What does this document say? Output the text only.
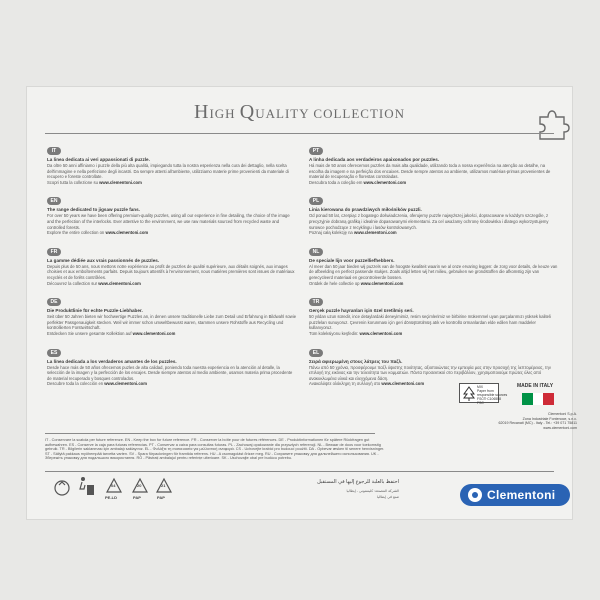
HIGH QUALITY COLLECTION
IT
La linea dedicata ai veri appassionati di puzzle.
Da oltre 50 anni affiniamo i puzzle della più alta qualità, impiegando tutta la nostra esperienza nella cura dei dettaglio, nella scelta dell'immagine e nella perfezione degli incastri. Da sempre attenti all'ambiente, utilizziamo materie prime provenienti da materiale di recupero e foreste controllate.
Scopri tutta la collezione su www.clementoni.com
EN
The range dedicated to jigsaw puzzle fans.
For over 50 years we have been offering premium-quality puzzles, using all our experience in fine detailing, the choice of the image and the perfection of the interlocks. Ever attentive to the environment, we use raw materials sourced from recycled waste and controlled forests.
Explore the entire collection on www.clementoni.com
FR
La gamme dédiée aux vrais passionnés de puzzles.
Depuis plus de 50 ans, nous mettons notre expérience au profit de puzzles de qualité supérieure, aux détails soignés, aux images choisies et aux emboîtements parfaits. Depuis toujours attentifs à l'environnement, nous matières premières sont issues de matériaux recyclés et de forêts contrôlées.
Découvrez la collection sur www.clementoni.com
DE
Die Produktlinie für echte Puzzle-Liebhaber.
Seit über 50 Jahren bieten wir hochwertige Puzzles an, in denen unsere traditionelle Liebe zum Detail und Erfahrung in Bildwahl sowie perfekter Passgenauigkeit stecken. Weil wir immer schon umweltbewusst waren, stammen unsere Rohstoffe aus Recycling und kontrollierten Forstwirtschaft.
Entdecken Sie unsere gesamte Kollektion auf www.clementoni.com
ES
La línea dedicada a los verdaderos amantes de los puzzles.
Desde hace más de 50 años ofrecemos puzles de alta calidad, poniendo toda nuestra experiencia en la atención al detalle, la selección de la imagen y la perfección de los encajes. Desde siempre atentos al medio ambiente, usamos materia prima procedente de material recuperado y bosques controlados.
Descubre toda la colección en www.clementoni.com
PT
A linha dedicada aos verdadeiros apaixonados por puzzles.
Há mais de 50 anos oferecemos puzzles da mais alta qualidade, utilizando toda a nossa experiência na atenção ao detalhe, na escolha da imagem e na perfeição dos encaixes. Desde sempre atentos ao ambiente, utilizamos matérias-primas provenientes de material de recuperação e florestas controladas.
Descubra toda a coleção em www.clementoni.com
PL
Linia kierowana do prawdziwych miłośników puzzli.
Od ponad 50 lat, czerpiąc z bogatego doświadczenia, oferujemy puzzle najwyższej jakości, dopracowane w każdym szczególe, z precyzyjnie dobraną grafiką i idealnie dopasowanymi elementami. Za cel uważamy ochronę środowiska i dlatego wykorzystujemy surowce pochodzące z recyklingu i lasów kontrolowanych.
Poznaj całą kolekcję na www.clementoni.com
NL
De speciale lijn voor puzzelliefhebbers.
Al meer dan 50 jaar bieden wij puzzels van de hoogste kwaliteit waarin we al onze ervaring leggen: de zorg voor details, de keuze van de afbeelding en perfect passende stukjes. Zoals altijd letten wij het milieu, gebruiken we grondstoffen die afkomstig zijn van gerecycleerd materiaal en gecontroleerde bossen.
Ontdek de hele collectie op www.clementoni.com
TR
Gerçek puzzle hayranları için özel üretilmiş seri.
50 yıldan uzun süredir, ince detaylardaki deneyimimiz, resim seçimlerimiz ve birbirine mükemmel uyan parçalarımızı yüksek kaliteli puzzleları sunuyoruz. Çevrenin korunması için geri dönüştürülmüş atık ve kontrollü ormanlardan elde edilen ham maddeler kullanıyoruz.
Tüm koleksiyonu keşfedin: www.clementoni.com
EL
Σειρά αφιερωμένη στους λάτρεις του παζλ.
Πάνω από 50 χρόνια, προσφέρουμε παζλ ύψιστης ποιότητας, αξιοποιώντας την εμπειρία μας στην προσοχή της λεπτομέρειας, την επιλογή της εικόνας και την τελειότητα των κομματιών. Πάντα προσεκτικοί στο περιβάλλον, χρησιμοποιούμε πρώτες ύλες από ανακυκλωμένα υλικά και ελεγχόμενα δάση.
Ανακαλύψτε ολόκληρη τη συλλογή στο www.clementoni.com
IT - Conservare la scatola per future referenze. EN - Keep the box for future reference. FR - Conserver la boîte pour de futures références. DE - Produktinformationen für spätere Rückfragen gut aufbewahren. ES - Conserve la caja para futuras referencias. PT - Conservar a caixa para consultas futuras. PL - Zachowaj opakowanie dla przyszłych referencji. NL - Bewaar de doos voor toekomstig gebruik. TR - Bilgilerin saklanması için ambalajı saklayınız. EL - Φυλάξτε τη συσκευασία για μελλοντική αναφορά. CS - Uchovejte krabici pro budoucí použití. DA - Opbevar æsken til senere henvisninger. ST - Säilytä pakkaus myöhempää tarvetta varten. SV - Spara förpackningen för framtida referens. HU - A csomagolást őrizze meg. RU - Сохраните упаковку для дальнейшего использования. UK - Збережіть упаковку для подальшого використання. RO - Păstrați ambalajul pentru referințe ulterioare. SK - Uschovajte obal pre budúcu potrebu.
04
PE-LD
20
PAP
21
PAP
احتفظ بالعلبة للرجوع إليها في المستقبل
الشركة المصنعة: كليمنتوني - إيطاليا
صنع في إيطاليا
MIX
Paper from
responsible sources
FSC® C106558
FSC
MADE IN ITALY
Clementoni S.p.A.
Zona Industriale Fontenoce, s.n.c.
62019 Recanati (MC) - Italy - Tel.: +39 071 75811
www.clementoni.com
Clementoni
